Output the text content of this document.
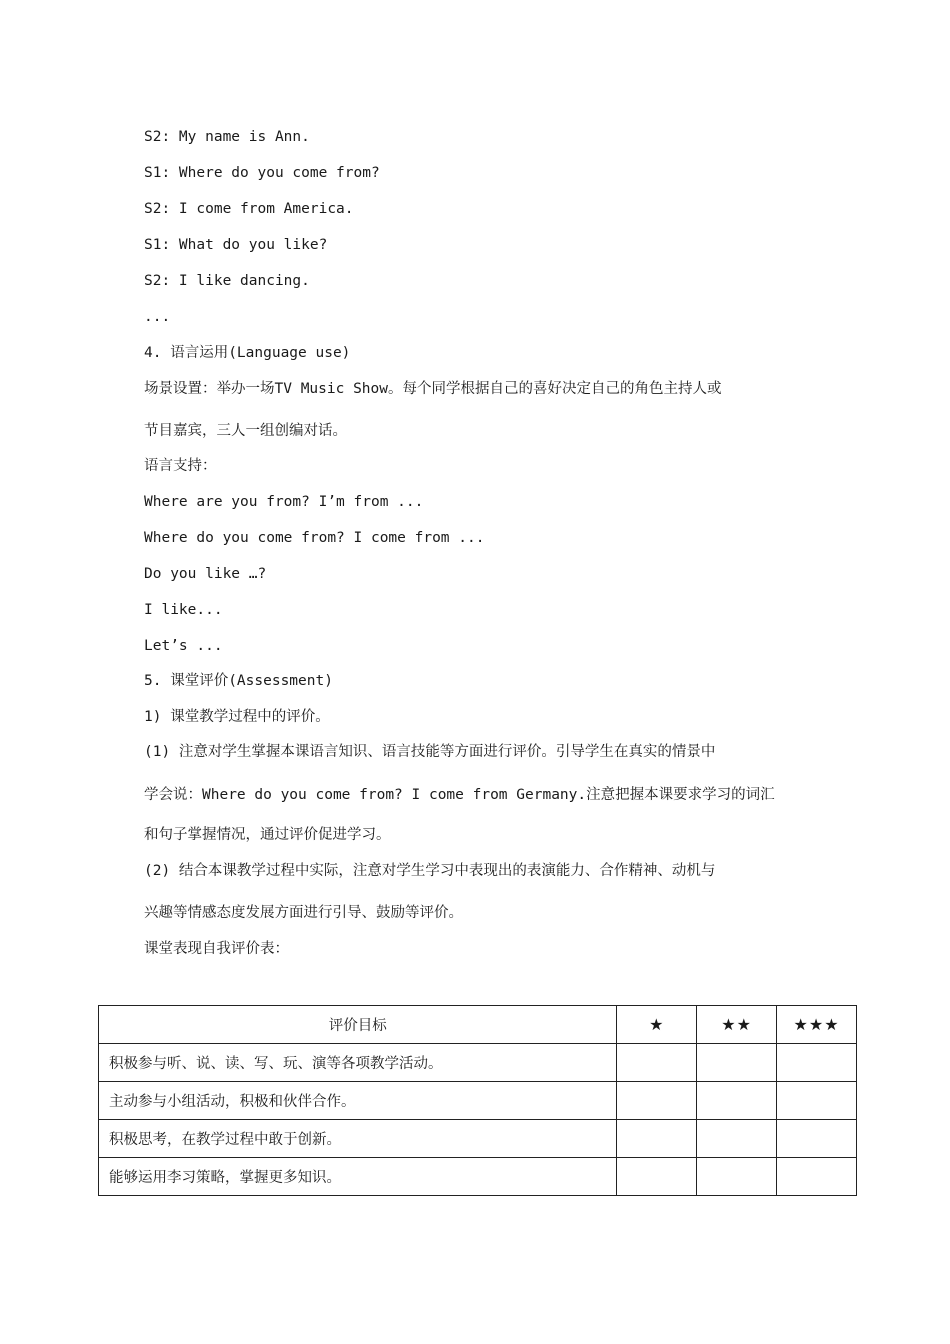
S2: My name is Ann.
S1: Where do you come from?
S2: I come from America.
S1: What do you like?
S2: I like dancing.
...
4. 语言运用(Language use)
场景设置：举办一场TV Music Show。每个同学根据自己的喜好决定自己的角色主持人或
节目嘉宾，三人一组创编对话。
语言支持：
Where are you from? I’m from ...
Where do you come from? I come from ...
Do you like …?
I like...
Let’s ...
5. 课堂评价(Assessment)
1) 课堂教学过程中的评价。
(1) 注意对学生掌握本课语言知识、语言技能等方面进行评价。引导学生在真实的情景中
学会说：Where do you come from? I come from Germany.注意把握本课要求学习的词汇
和句子掌握情况，通过评价促进学习。
(2) 结合本课教学过程中实际，注意对学生学习中表现出的表演能力、合作精神、动机与
兴趣等情感态度发展方面进行引导、鼓励等评价。
课堂表现自我评价表：
评价目标	★	★★	★★★
积极参与听、说、读、写、玩、演等各项教学活动。			
主动参与小组活动，积极和伙伴合作。			
积极思考，在教学过程中敢于创新。			
能够运用李习策略，掌握更多知识。			
